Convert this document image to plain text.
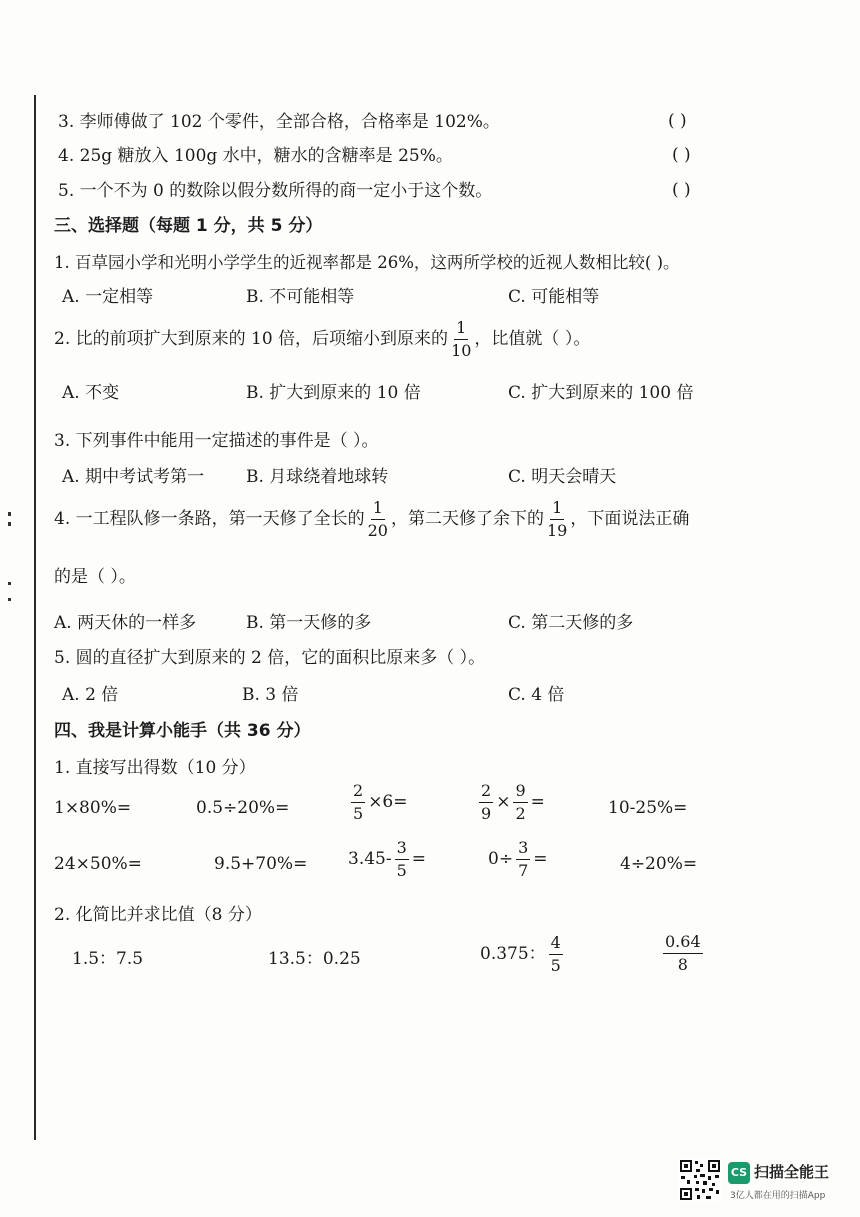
3. 李师傅做了 102 个零件，全部合格，合格率是 102%。	( )
4. 25g 糖放入 100g 水中，糖水的含糖率是 25%。	( )
5. 一个不为 0 的数除以假分数所得的商一定小于这个数。	( )
三、选择题（每题 1 分，共 5 分）
1. 百草园小学和光明小学学生的近视率都是 26%，这两所学校的近视人数相比较( )。
A. 一定相等	B. 不可能相等	C. 可能相等
2. 比的前项扩大到原来的 10 倍，后项缩小到原来的 $\frac{1}{10}$ ，比值就（ ）。
A. 不变	B. 扩大到原来的 10 倍	C. 扩大到原来的 100 倍
3. 下列事件中能用一定描述的事件是（ ）。
A. 期中考试考第一 B. 月球绕着地球转	C. 明天会晴天
4. 一工程队修一条路，第一天修了全长的 $\frac{1}{20}$ ，第二天修了余下的 $\frac{1}{19}$ ，下面说法正确
的是（ ）。
A. 两天休的一样多	B. 第一天修的多	C. 第二天修的多
5. 圆的直径扩大到原来的 2 倍，它的面积比原来多（ ）。
A. 2 倍	B. 3 倍	C. 4 倍
四、我是计算小能手（共 36 分）
1. 直接写出得数（10 分）
1×80%=	0.5÷20%=	$\frac{2}{5} \times 6=$	$\frac{2}{9} \times \frac{9}{2}$ =	10-25%=
24×50%=	$9.5+70\%= 3.45- \frac{3}{5}$ =	$0\div \frac{3}{7}$ =	4÷20%=
2. 化简比并求比值（8 分）
1.5：7.5	13.5：0.25	0.375： $\frac{4}{5}$	$\frac{0.64}{8}$
CS 扫描全能王
3亿人都在用的扫描App
